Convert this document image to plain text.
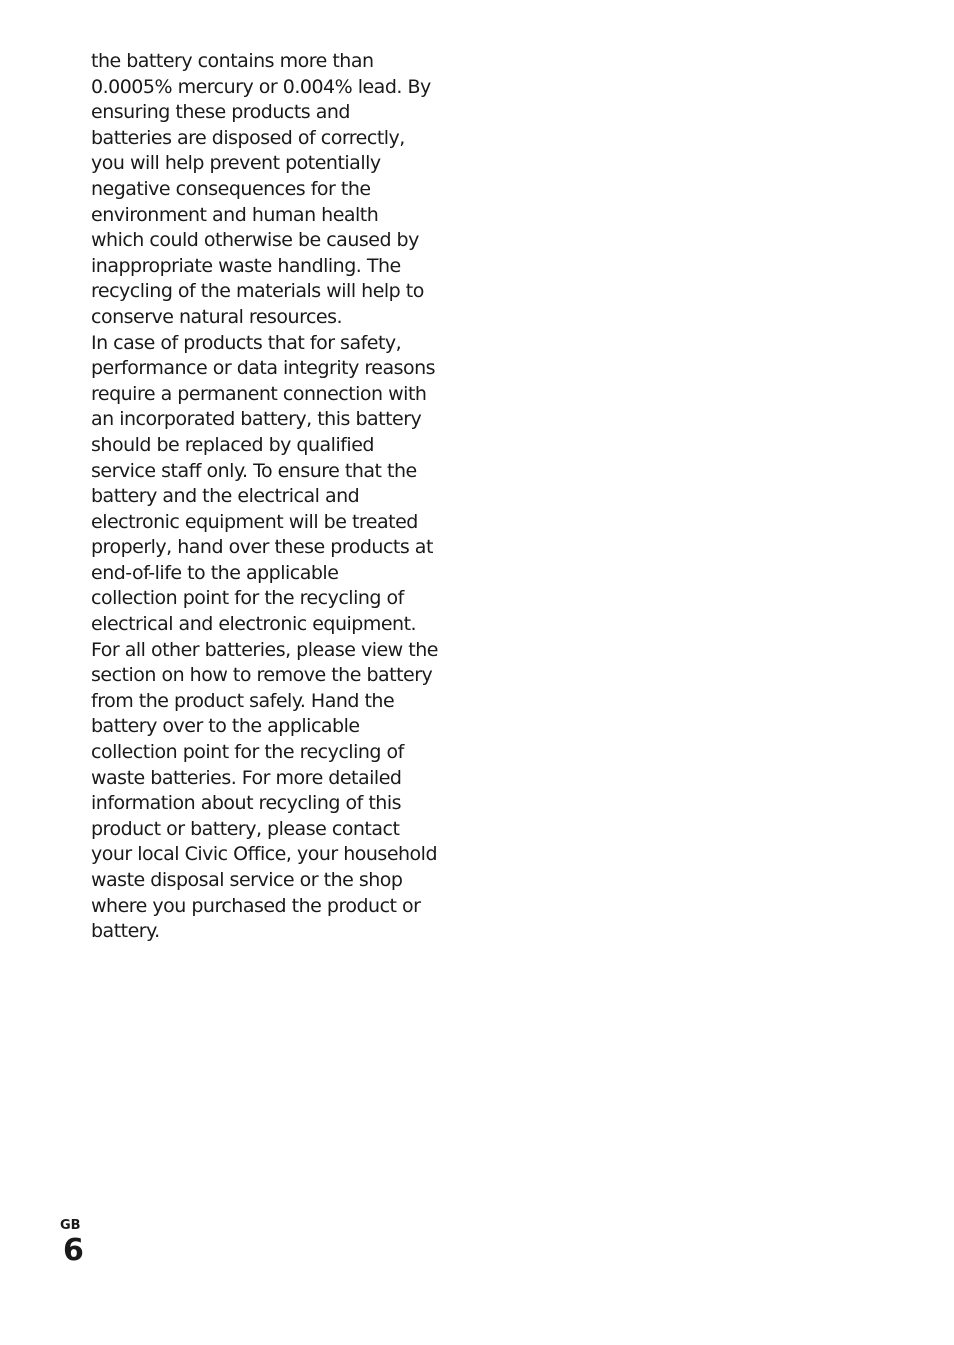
the battery contains more than
0.0005% mercury or 0.004% lead. By
ensuring these products and
batteries are disposed of correctly,
you will help prevent potentially
negative consequences for the
environment and human health
which could otherwise be caused by
inappropriate waste handling. The
recycling of the materials will help to
conserve natural resources.
In case of products that for safety,
performance or data integrity reasons
require a permanent connection with
an incorporated battery, this battery
should be replaced by qualified
service staff only. To ensure that the
battery and the electrical and
electronic equipment will be treated
properly, hand over these products at
end-of-life to the applicable
collection point for the recycling of
electrical and electronic equipment.
For all other batteries, please view the
section on how to remove the battery
from the product safely. Hand the
battery over to the applicable
collection point for the recycling of
waste batteries. For more detailed
information about recycling of this
product or battery, please contact
your local Civic Office, your household
waste disposal service or the shop
where you purchased the product or
battery.
GB
6
